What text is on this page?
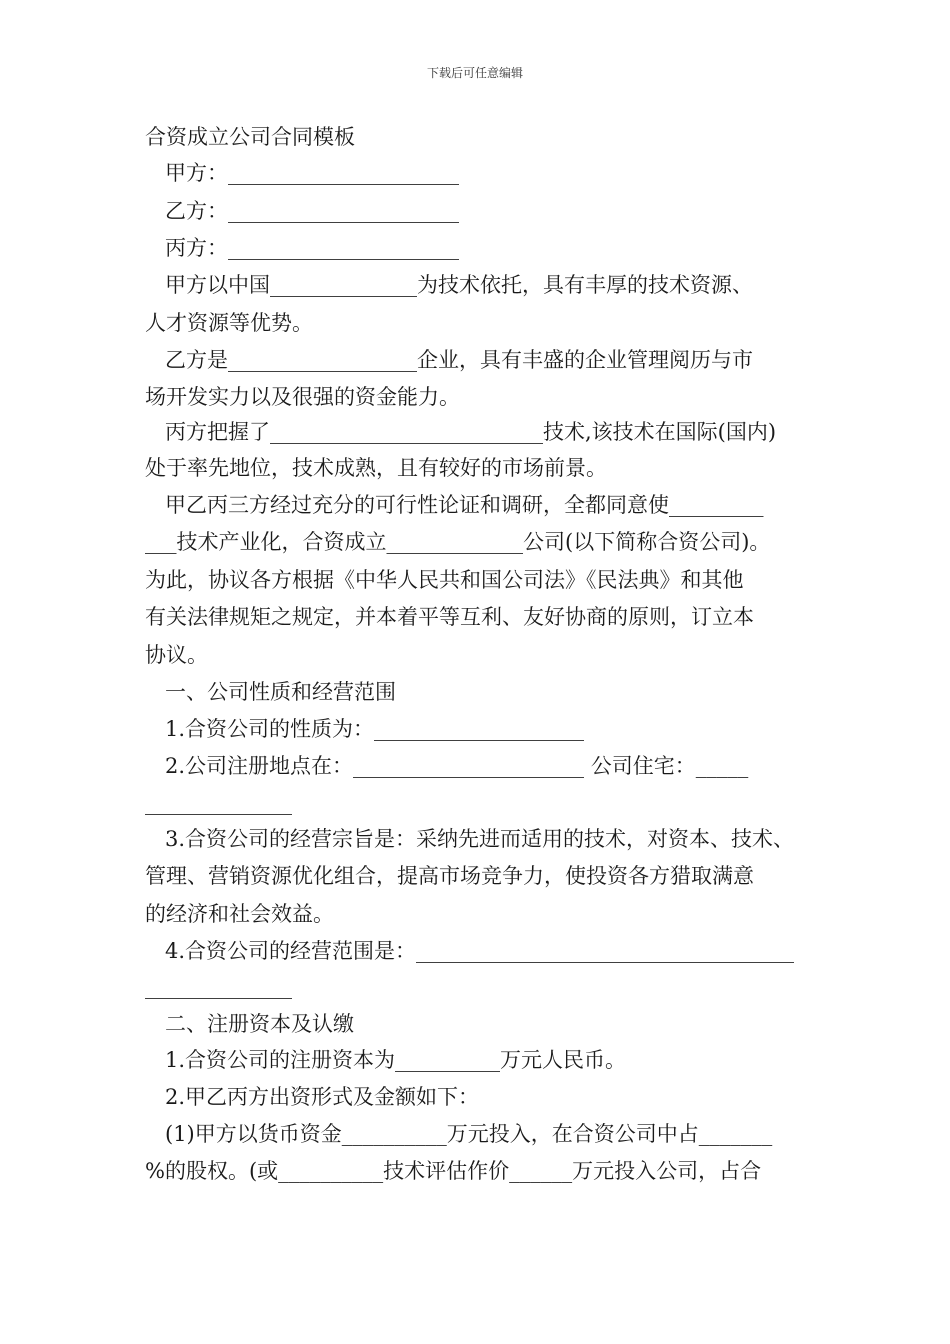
下载后可任意编辑
合资成立公司合同模板
甲方：______________________
乙方：______________________
丙方：______________________
甲方以中国______________为技术依托，具有丰厚的技术资源、
人才资源等优势。
乙方是__________________企业，具有丰盛的企业管理阅历与市
场开发实力以及很强的资金能力。
丙方把握了__________________________技术,该技术在国际(国内)
处于率先地位，技术成熟，且有较好的市场前景。
甲乙丙三方经过充分的可行性论证和调研，全都同意使_________
___技术产业化，合资成立_____________公司(以下简称合资公司)。
为此，协议各方根据《中华人民共和国公司法》《民法典》和其他
有关法律规矩之规定，并本着平等互利、友好协商的原则，订立本
协议。
一、公司性质和经营范围
1.合资公司的性质为：____________________
2.公司注册地点在：______________________ 公司住宅：_____
______________
3.合资公司的经营宗旨是：采纳先进而适用的技术，对资本、技术、
管理、营销资源优化组合，提高市场竞争力，使投资各方猎取满意
的经济和社会效益。
4.合资公司的经营范围是：____________________________________
______________
二、注册资本及认缴
1.合资公司的注册资本为__________万元人民币。
2.甲乙丙方出资形式及金额如下：
(1)甲方以货币资金__________万元投入，在合资公司中占_______
%的股权。(或__________技术评估作价______万元投入公司，占合
